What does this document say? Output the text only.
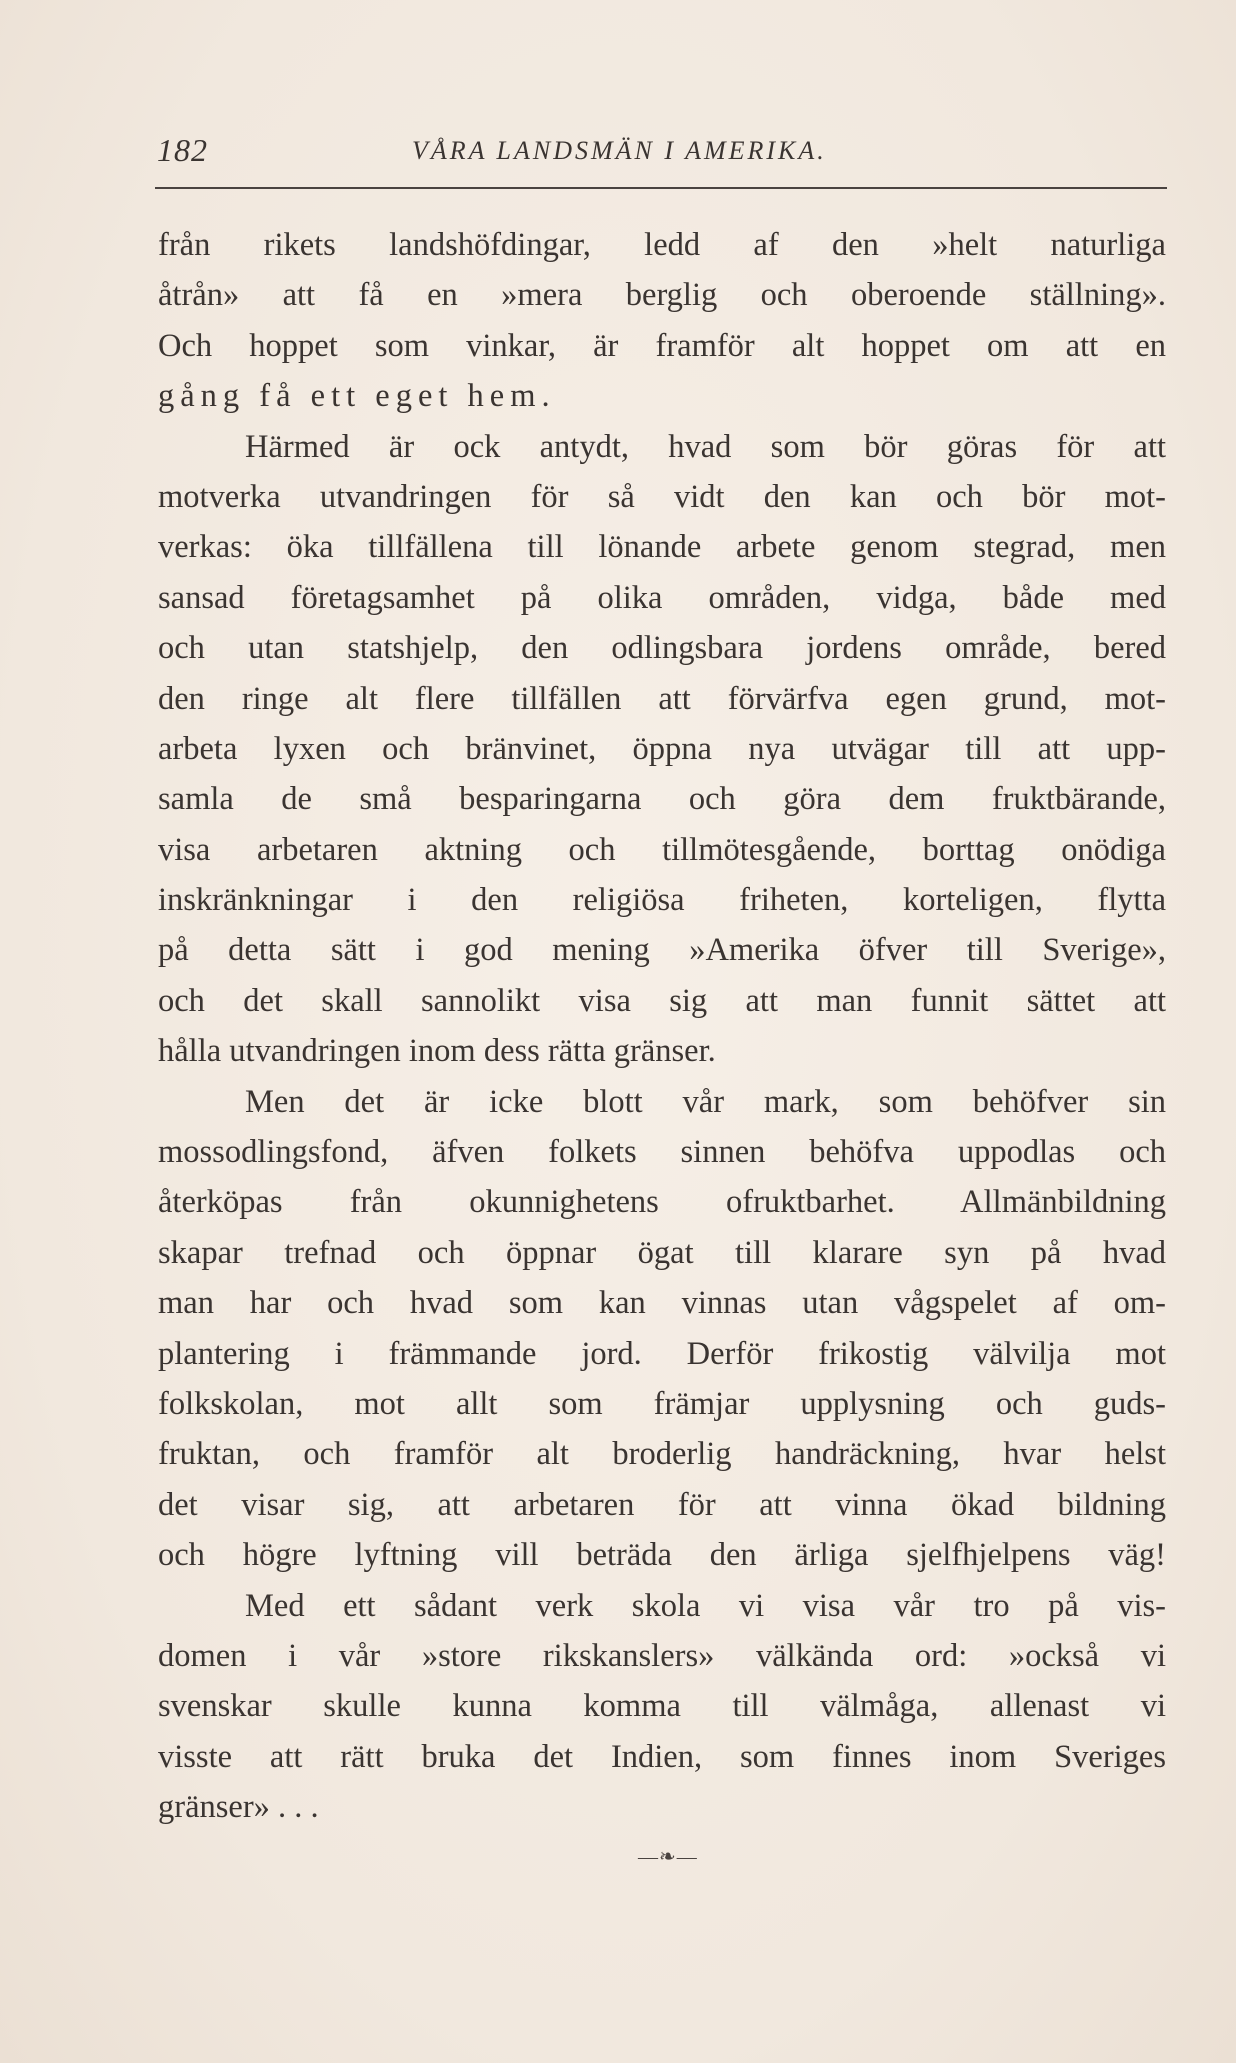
182	VÅRA LANDSMÄN I AMERIKA.
från rikets landshöfdingar, ledd af den »helt naturliga
åtrån» att få en »mera berglig och oberoende ställning».
Och hoppet som vinkar, är framför alt hoppet om att en
gång få ett eget hem.
Härmed är ock antydt, hvad som bör göras för att
motverka utvandringen för så vidt den kan och bör mot-
verkas: öka tillfällena till lönande arbete genom stegrad, men
sansad företagsamhet på olika områden, vidga, både med
och utan statshjelp, den odlingsbara jordens område, bered
den ringe alt flere tillfällen att förvärfva egen grund, mot-
arbeta lyxen och bränvinet, öppna nya utvägar till att upp-
samla de små besparingarna och göra dem fruktbärande,
visa arbetaren aktning och tillmötesgående, borttag onödiga
inskränkningar i den religiösa friheten, korteligen, flytta
på detta sätt i god mening »Amerika öfver till Sverige»,
och det skall sannolikt visa sig att man funnit sättet att
hålla utvandringen inom dess rätta gränser.
Men det är icke blott vår mark, som behöfver sin
mossodlingsfond, äfven folkets sinnen behöfva uppodlas och
återköpas från okunnighetens ofruktbarhet. Allmänbildning
skapar trefnad och öppnar ögat till klarare syn på hvad
man har och hvad som kan vinnas utan vågspelet af om-
plantering i främmande jord. Derför frikostig välvilja mot
folkskolan, mot allt som främjar upplysning och guds-
fruktan, och framför alt broderlig handräckning, hvar helst
det visar sig, att arbetaren för att vinna ökad bildning
och högre lyftning vill beträda den ärliga sjelfhjelpens väg!
Med ett sådant verk skola vi visa vår tro på vis-
domen i vår »store rikskanslers» välkända ord: »också vi
svenskar skulle kunna komma till välmåga, allenast vi
visste att rätt bruka det Indien, som finnes inom Sveriges
gränser» . . .
—❧—
